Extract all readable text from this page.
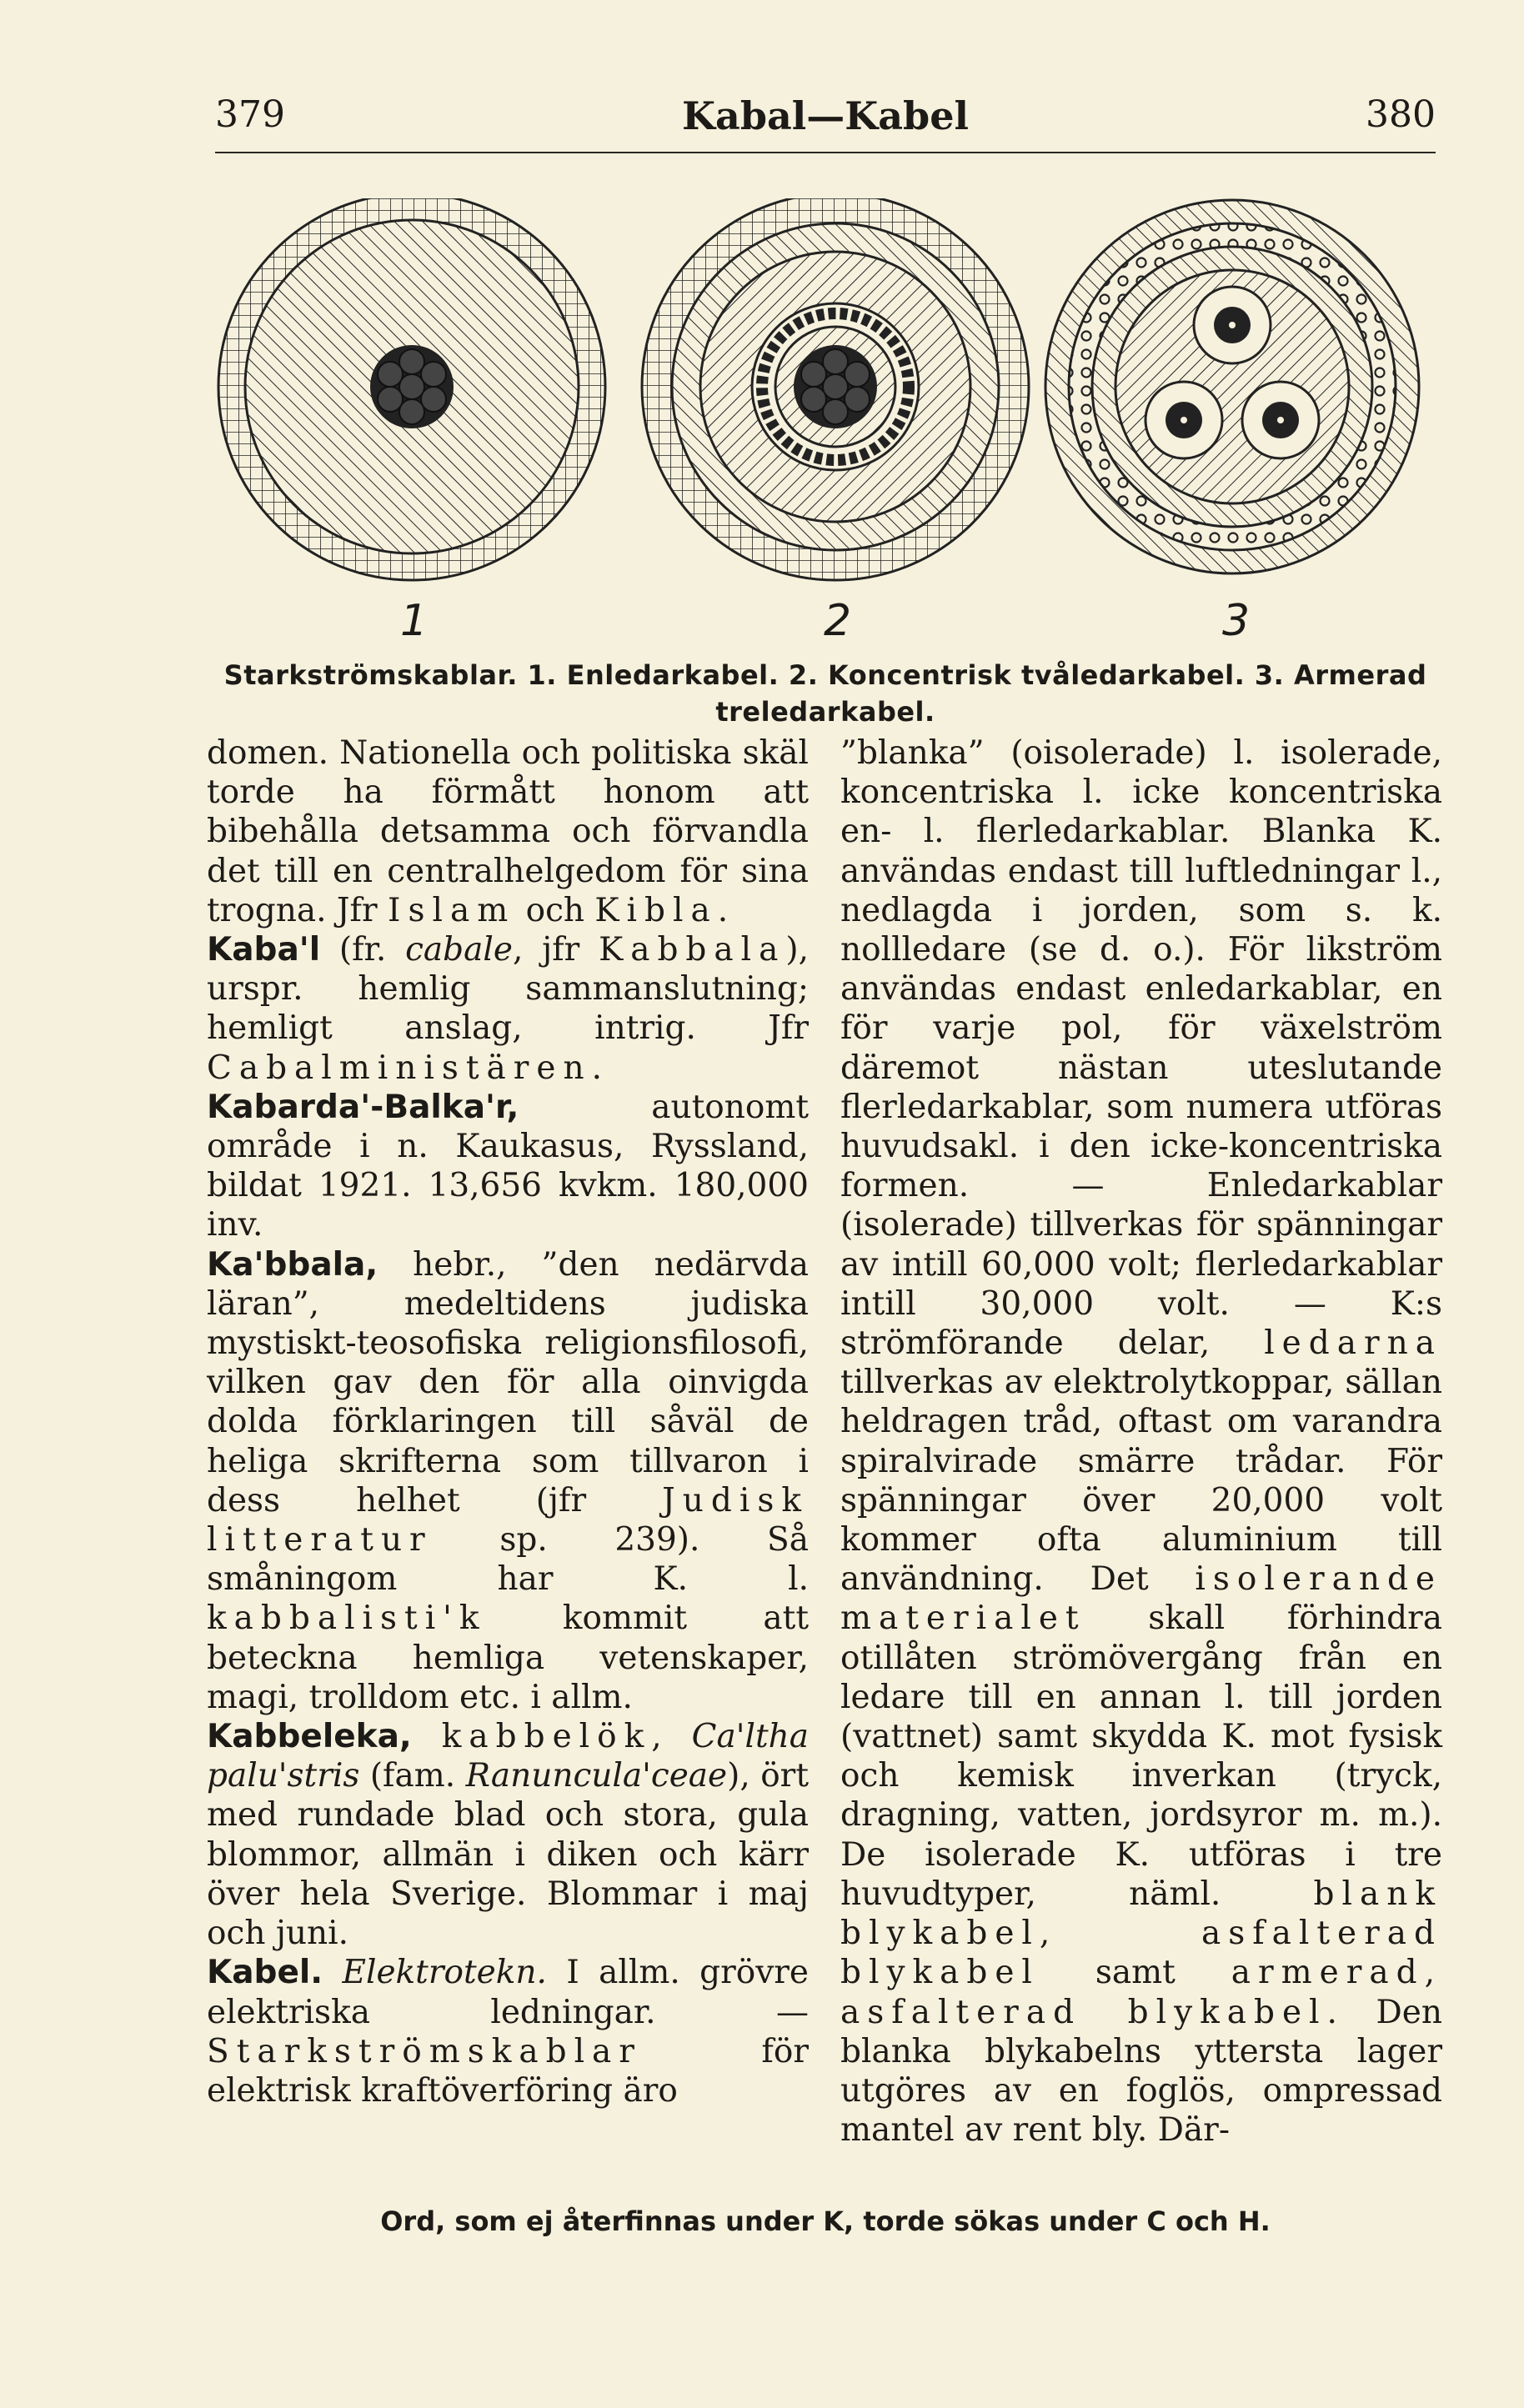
379	Kabal—Kabel	380
1	2	3
Starkströmskablar. 1. Enledarkabel. 2. Koncentrisk tvåledarkabel. 3. Armerad treledarkabel.

domen. Nationella och politiska skäl torde ha förmått honom att bibehålla detsamma och förvandla det till en centralhelgedom för sina trogna. Jfr Islam och Kibla.

Kaba'l (fr. cabale, jfr Kabbala), urspr. hemlig sammanslutning; hemligt anslag, intrig. Jfr Cabalministären.

Kabarda'-Balka'r, autonomt område i n. Kaukasus, Ryssland, bildat 1921. 13,656 kvkm. 180,000 inv.

Ka'bbala, hebr., ”den nedärvda läran”, medeltidens judiska mystiskt-teosofiska religionsfilosofi, vilken gav den för alla oinvigda dolda förklaringen till såväl de heliga skrifterna som tillvaron i dess helhet (jfr Judisk litteratur sp. 239). Så småningom har K. l. kabbalisti'k kommit att beteckna hemliga vetenskaper, magi, trolldom etc. i allm.

Kabbeleka, kabbelök, Ca'ltha palu'stris (fam. Ranuncula'ceae), ört med rundade blad och stora, gula blommor, allmän i diken och kärr över hela Sverige. Blommar i maj och juni.

Kabel. Elektrotekn. I allm. grövre elektriska ledningar. — Starkströmskablar för elektrisk kraftöverföring äro

”blanka” (oisolerade) l. isolerade, koncentriska l. icke koncentriska en- l. flerledarkablar. Blanka K. användas endast till luftledningar l., nedlagda i jorden, som s. k. nollledare (se d. o.). För likström användas endast enledarkablar, en för varje pol, för växelström däremot nästan uteslutande flerledarkablar, som numera utföras huvudsakl. i den icke-koncentriska formen. — Enledarkablar (isolerade) tillverkas för spänningar av intill 60,000 volt; flerledarkablar intill 30,000 volt. — K:s strömförande delar, ledarna tillverkas av elektrolytkoppar, sällan heldragen tråd, oftast om varandra spiralvirade smärre trådar. För spänningar över 20,000 volt kommer ofta aluminium till användning. Det isolerande materialet skall förhindra otillåten strömövergång från en ledare till en annan l. till jorden (vattnet) samt skydda K. mot fysisk och kemisk inverkan (tryck, dragning, vatten, jordsyror m. m.). De isolerade K. utföras i tre huvudtyper, näml. blank blykabel, asfalterad blykabel samt armerad, asfalterad blykabel. Den blanka blykabelns yttersta lager utgöres av en foglös, ompressad mantel av rent bly. Där-

Ord, som ej återfinnas under K, torde sökas under C och H.
